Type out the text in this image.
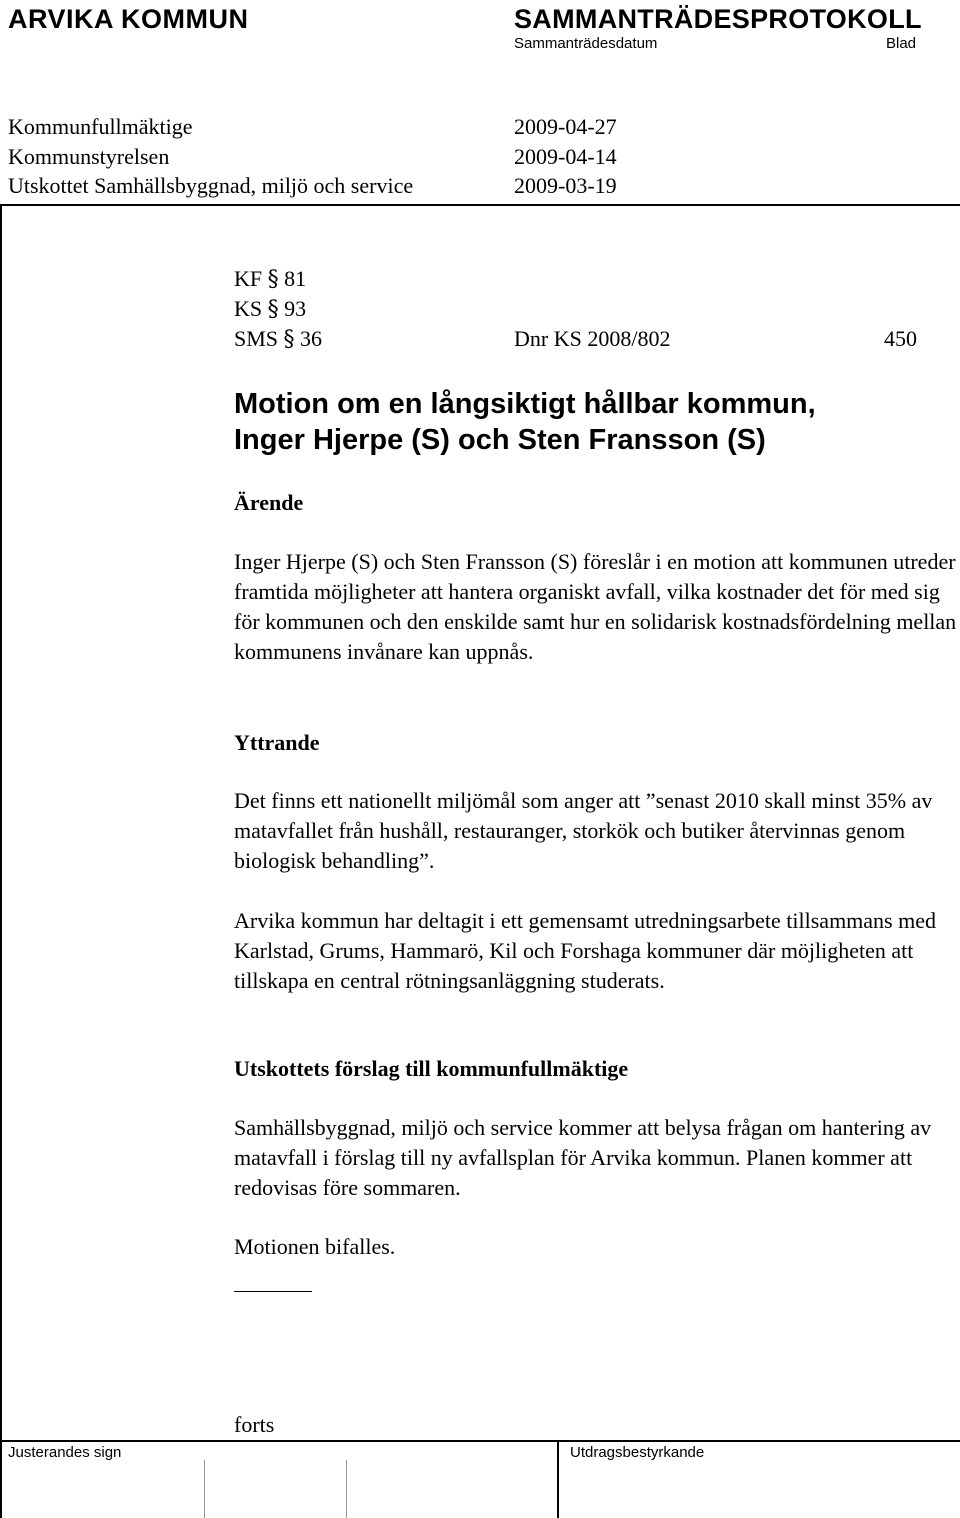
ARVIKA KOMMUN	SAMMANTRÄDESPROTOKOLL
Sammanträdesdatum	Blad
Kommunfullmäktige	2009-04-27
Kommunstyrelsen	2009-04-14
Utskottet Samhällsbyggnad, miljö och service	2009-03-19
KF § 81
KS § 93
SMS § 36	Dnr KS 2008/802	450
Motion om en långsiktigt hållbar kommun,
Inger Hjerpe (S) och Sten Fransson (S)
Ärende

Inger Hjerpe (S) och Sten Fransson (S) föreslår i en motion att kommunen utreder framtida möjligheter att hantera organiskt avfall, vilka kostnader det för med sig för kommunen och den enskilde samt hur en solidarisk kostnadsfördelning mellan kommunens invånare kan uppnås.

Yttrande

Det finns ett nationellt miljömål som anger att ”senast 2010 skall minst 35% av matavfallet från hushåll, restauranger, storkök och butiker återvinnas genom biologisk behandling”.

Arvika kommun har deltagit i ett gemensamt utredningsarbete tillsammans med Karlstad, Grums, Hammarö, Kil och Forshaga kommuner där möjligheten att tillskapa en central rötningsanläggning studerats.

Utskottets förslag till kommunfullmäktige

Samhällsbyggnad, miljö och service kommer att belysa frågan om hantering av matavfall i förslag till ny avfallsplan för Arvika kommun. Planen kommer att redovisas före sommaren.

Motionen bifalles.
forts
Justerandes sign	Utdragsbestyrkande
